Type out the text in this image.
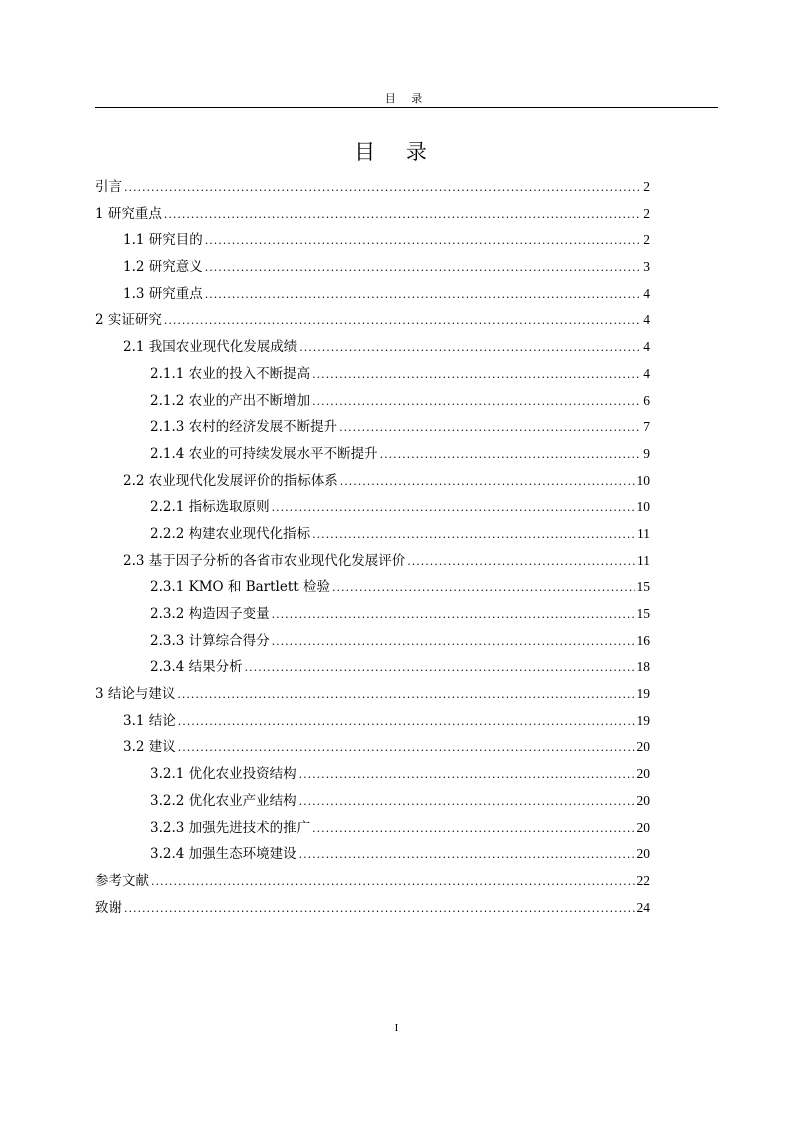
目 录
目 录
引言 .....	2
1 研究重点 .....	2
1.1 研究目的 .....	2
1.2 研究意义 .....	3
1.3 研究重点 .....	4
2 实证研究 .....	4
2.1 我国农业现代化发展成绩 .....	4
2.1.1 农业的投入不断提高 .....	4
2.1.2 农业的产出不断增加 .....	6
2.1.3 农村的经济发展不断提升 .....	7
2.1.4 农业的可持续发展水平不断提升 .....	9
2.2 农业现代化发展评价的指标体系 .....	10
2.2.1 指标选取原则 .....	10
2.2.2 构建农业现代化指标 .....	11
2.3 基于因子分析的各省市农业现代化发展评价 .....	11
2.3.1 KMO 和 Bartlett 检验 .....	15
2.3.2 构造因子变量 .....	15
2.3.3 计算综合得分 .....	16
2.3.4 结果分析 .....	18
3 结论与建议 .....	19
3.1 结论 .....	19
3.2 建议 .....	20
3.2.1 优化农业投资结构 .....	20
3.2.2 优化农业产业结构 .....	20
3.2.3 加强先进技术的推广 .....	20
3.2.4 加强生态环境建设 .....	20
参考文献 .....	22
致谢 .....	24
I
